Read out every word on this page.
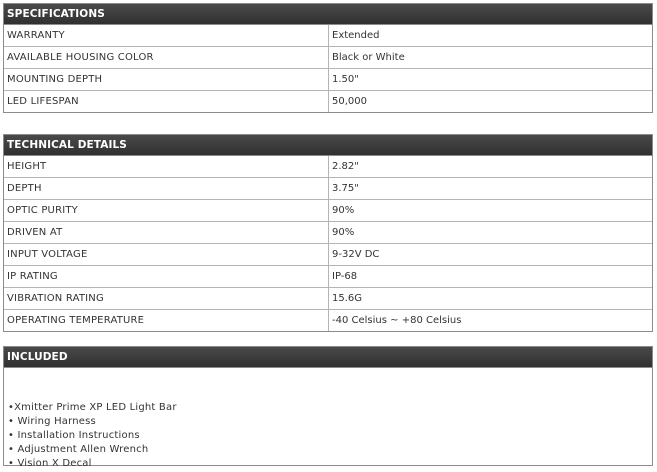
SPECIFICATIONS
WARRANTY	Extended
AVAILABLE HOUSING COLOR	Black or White
MOUNTING DEPTH	1.50"
LED LIFESPAN	50,000
TECHNICAL DETAILS
HEIGHT	2.82"
DEPTH	3.75"
OPTIC PURITY	90%
DRIVEN AT	90%
INPUT VOLTAGE	9-32V DC
IP RATING	IP-68
VIBRATION RATING	15.6G
OPERATING TEMPERATURE	-40 Celsius ~ +80 Celsius
INCLUDED
•Xmitter Prime XP LED Light Bar
• Wiring Harness
• Installation Instructions
• Adjustment Allen Wrench
• Vision X Decal
